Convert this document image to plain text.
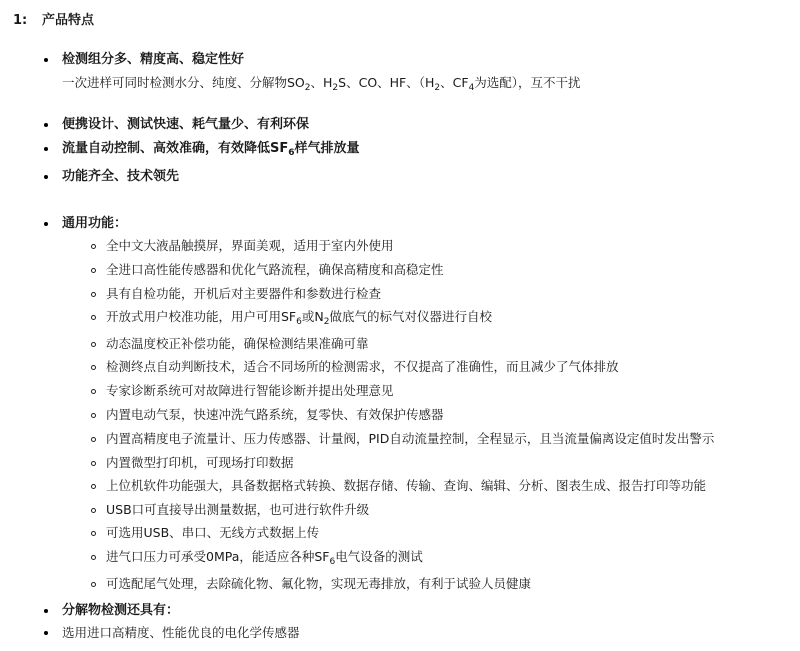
1: 产品特点
检测组分多、精度高、稳定性好
一次进样可同时检测水分、纯度、分解物$SO_2$、$H_2S$、CO、HF、（$H_2$、$CF_4$为选配），互不干扰
便携设计、测试快速、耗气量少、有利环保
流量自动控制、高效准确，有效降低$SF_6$样气排放量
功能齐全、技术领先
通用功能：
全中文大液晶触摸屏，界面美观，适用于室内外使用
全进口高性能传感器和优化气路流程，确保高精度和高稳定性
具有自检功能，开机后对主要器件和参数进行检查
开放式用户校准功能，用户可用$SF_6$或$N_2$做底气的标气对仪器进行自校
动态温度校正补偿功能，确保检测结果准确可靠
检测终点自动判断技术，适合不同场所的检测需求，不仅提高了准确性，而且减少了气体排放
专家诊断系统可对故障进行智能诊断并提出处理意见
内置电动气泵，快速冲洗气路系统，复零快、有效保护传感器
内置高精度电子流量计、压力传感器、计量阀，PID自动流量控制，全程显示，且当流量偏离设定值时发出警示
内置微型打印机，可现场打印数据
上位机软件功能强大，具备数据格式转换、数据存储、传输、查询、编辑、分析、图表生成、报告打印等功能
USB口可直接导出测量数据，也可进行软件升级
可选用USB、串口、无线方式数据上传
进气口压力可承受0MPa，能适应各种$SF_6$电气设备的测试
可选配尾气处理，去除硫化物、氟化物，实现无毒排放，有利于试验人员健康
分解物检测还具有：
选用进口高精度、性能优良的电化学传感器
